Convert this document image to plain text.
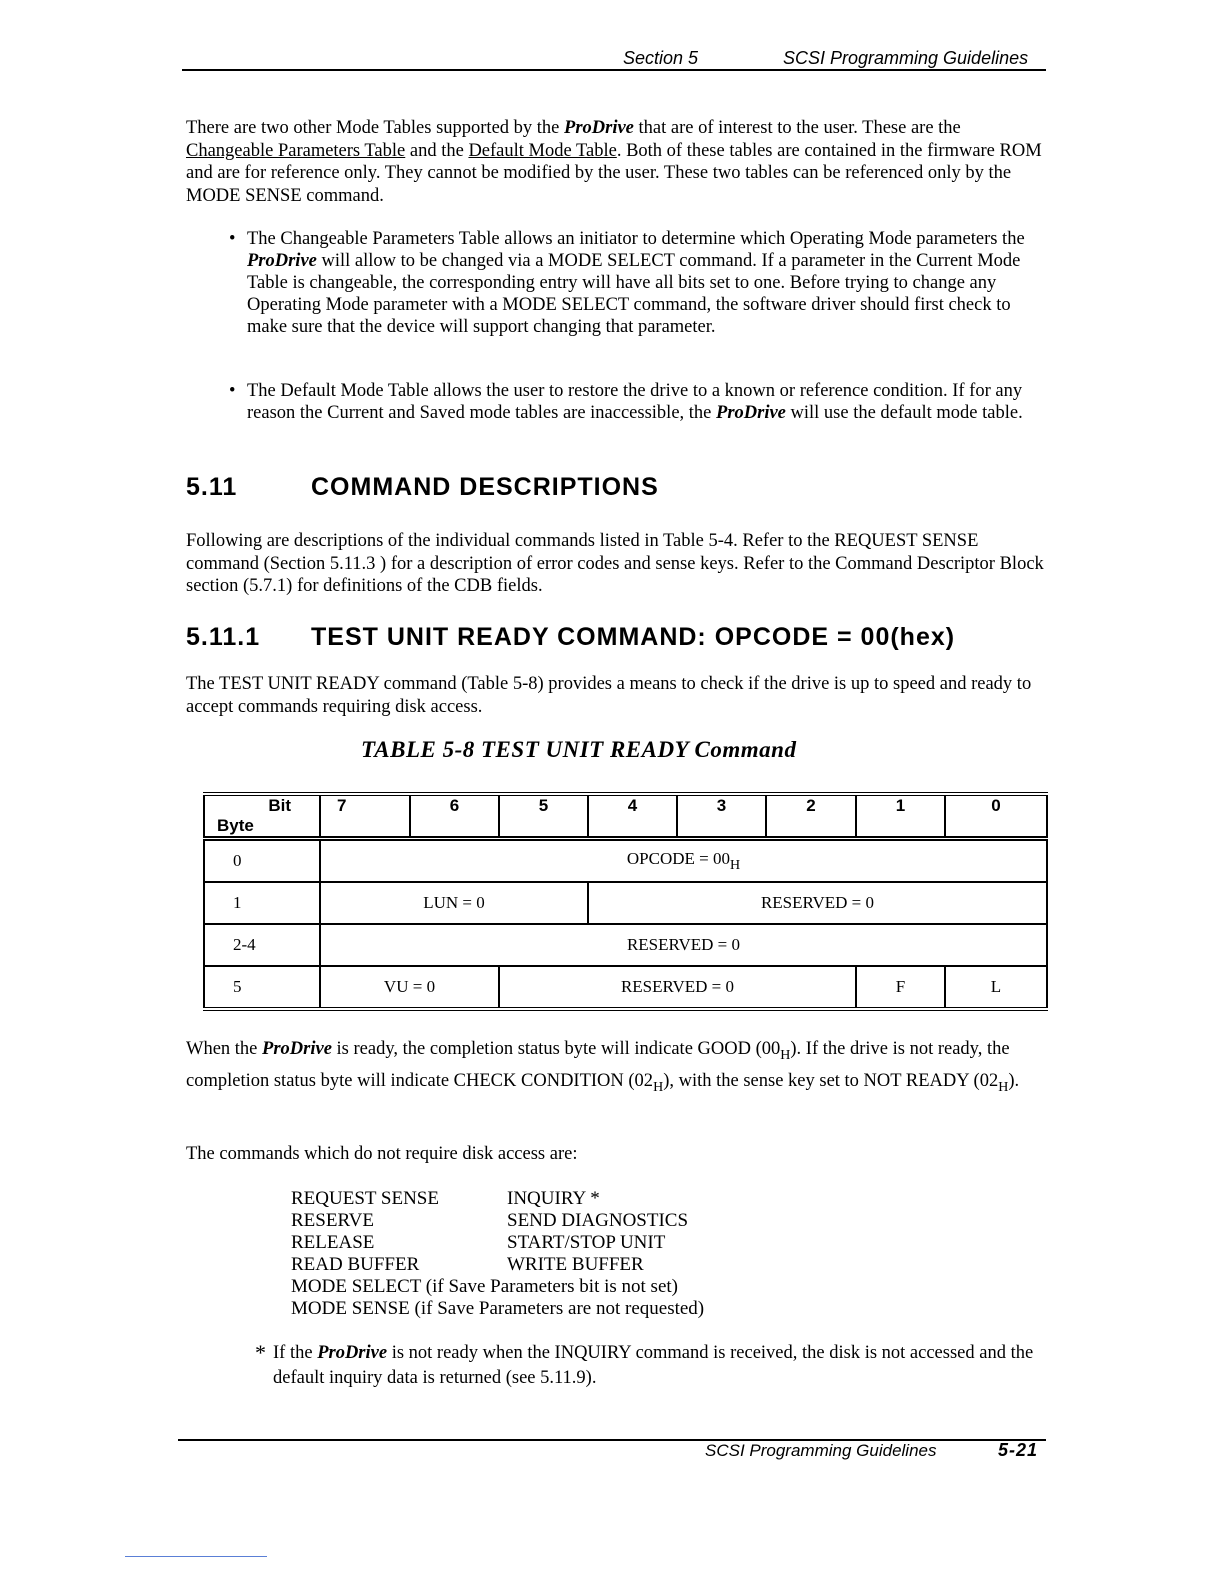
Section 5	SCSI Programming Guidelines

There are two other Mode Tables supported by the ProDrive that are of interest to the user. These are the Changeable Parameters Table and the Default Mode Table. Both of these tables are contained in the firmware ROM and are for reference only. They cannot be modified by the user. These two tables can be referenced only by the MODE SENSE command.

• The Changeable Parameters Table allows an initiator to determine which Operating Mode parameters the ProDrive will allow to be changed via a MODE SELECT command. If a parameter in the Current Mode Table is changeable, the corresponding entry will have all bits set to one. Before trying to change any Operating Mode parameter with a MODE SELECT command, the software driver should first check to make sure that the device will support changing that parameter.
• The Default Mode Table allows the user to restore the drive to a known or reference condition. If for any reason the Current and Saved mode tables are inaccessible, the ProDrive will use the default mode table.
5.11	COMMAND DESCRIPTIONS
Following are descriptions of the individual commands listed in Table 5-4. Refer to the REQUEST SENSE command (Section 5.11.3 ) for a description of error codes and sense keys. Refer to the Command Descriptor Block section (5.7.1) for definitions of the CDB fields.
5.11.1 TEST UNIT READY COMMAND: OPCODE = 00(hex)
The TEST UNIT READY command (Table 5-8) provides a means to check if the drive is up to speed and ready to accept commands requiring disk access.
TABLE 5-8 TEST UNIT READY Command
Bit
Byte	7	6	5	4	3	2	1	0
0	OPCODE = $00_H$
1	LUN = 0			RESERVED = 0				
2-4	RESERVED = 0							
5	VU = 0		RESERVED = 0				F	L
When the ProDrive is ready, the completion status byte will indicate GOOD $(00_H)$. If the drive is not ready, the completion status byte will indicate CHECK CONDITION $(02_H)$, with the sense key set to NOT READY $(02_H)$.
The commands which do not require disk access are:
REQUEST SENSE
RESERVE
RELEASE
READ BUFFER
INQUIRY *
SEND DIAGNOSTICS
START/STOP UNIT
WRITE BUFFER
MODE SELECT (if Save Parameters bit is not set)
MODE SENSE (if Save Parameters are not requested)
* If the ProDrive is not ready when the INQUIRY command is received, the disk is not accessed and the default inquiry data is returned (see 5.11.9).
SCSI Programming Guidelines	5-21
